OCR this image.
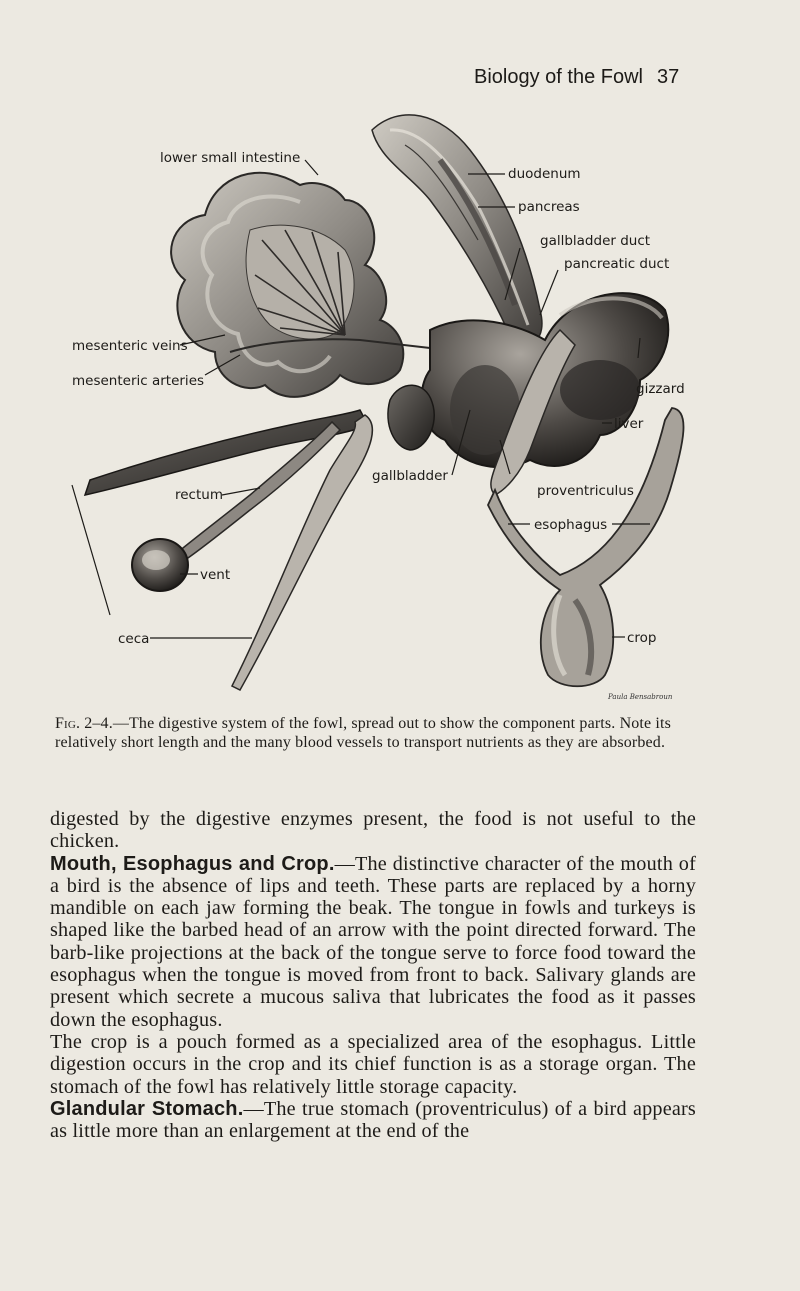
Biology of the Fowl 37
lower small intestine
duodenum
pancreas
gallbladder duct
pancreatic duct
mesenteric veins
mesenteric arteries	gizzard
liver
gallbladder
proventriculus
rectum
esophagus
vent
ceca	crop
Paula Bensabroun
Fig. 2–4.—The digestive system of the fowl, spread out to show the component parts. Note its relatively short length and the many blood vessels to transport nutrients as they are absorbed.

digested by the digestive enzymes present, the food is not useful to the chicken.

Mouth, Esophagus and Crop.—The distinctive character of the mouth of a bird is the absence of lips and teeth. These parts are replaced by a horny mandible on each jaw forming the beak. The tongue in fowls and turkeys is shaped like the barbed head of an arrow with the point directed forward. The barb-like projections at the back of the tongue serve to force food toward the esophagus when the tongue is moved from front to back. Salivary glands are present which secrete a mucous saliva that lubricates the food as it passes down the esophagus.

The crop is a pouch formed as a specialized area of the esophagus. Little digestion occurs in the crop and its chief function is as a storage organ. The stomach of the fowl has relatively little storage capacity.

Glandular Stomach.—The true stomach (proventriculus) of a bird appears as little more than an enlargement at the end of the
